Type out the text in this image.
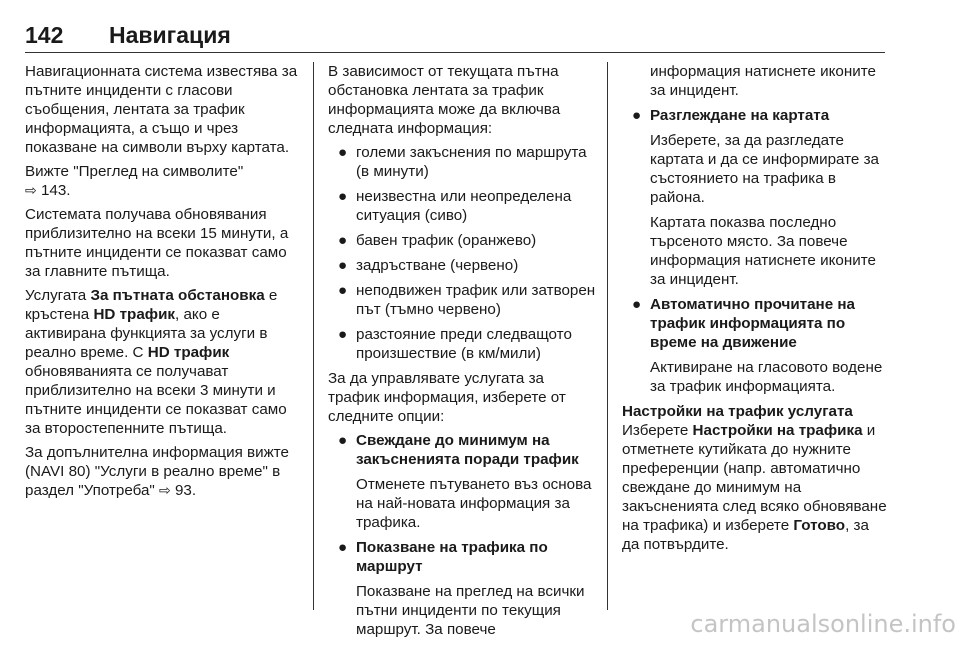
142 Навигация

Навигационната система известява за пътните инциденти с гласови съобщения, лентата за трафик информацията, а също и чрез показване на символи върху картата.

Вижте "Преглед на символите"
⇨ 143.

Системата получава обновявания приблизително на всеки 15 минути, а пътните инциденти се показват само за главните пътища.

Услугата За пътната обстановка е кръстена HD трафик, ако е активирана функцията за услуги в реално време. С HD трафик обновяванията се получават приблизително на всеки 3 минути и пътните инциденти се показват само за второстепенните пътища.

За допълнителна информация вижте (NAVI 80) "Услуги в реално време" в раздел "Употреба" ⇨ 93.

В зависимост от текущата пътна обстановка лентата за трафик информацията може да включва следната информация:

● големи закъснения по маршрута (в минути)
● неизвестна или неопределена ситуация (сиво)
● бавен трафик (оранжево)
● задръстване (червено)
● неподвижен трафик или затворен път (тъмно червено)
● разстояние преди следващото произшествие (в км/мили)

За да управлявате услугата за трафик информация, изберете от следните опции:

● Свеждане до минимум на закъсненията поради трафик

Отменете пътуването въз основа на най-новата информация за трафика.

● Показване на трафика по маршрут

Показване на преглед на всички пътни инциденти по текущия маршрут. За повече

информация натиснете иконите за инцидент.

● Разглеждане на картата

Изберете, за да разгледате картата и да се информирате за състоянието на трафика в района.

Картата показва последно търсеното място. За повече информация натиснете иконите за инцидент.

● Автоматично прочитане на трафик информацията по време на движение

Активиране на гласовото водене за трафик информацията.

Настройки на трафик услугата

Изберете Настройки на трафика и отметнете кутийката до нужните преференции (напр. автоматично свеждане до минимум на закъсненията след всяко обновяване на трафика) и изберете Готово, за да потвърдите.

carmanualsonline.info
